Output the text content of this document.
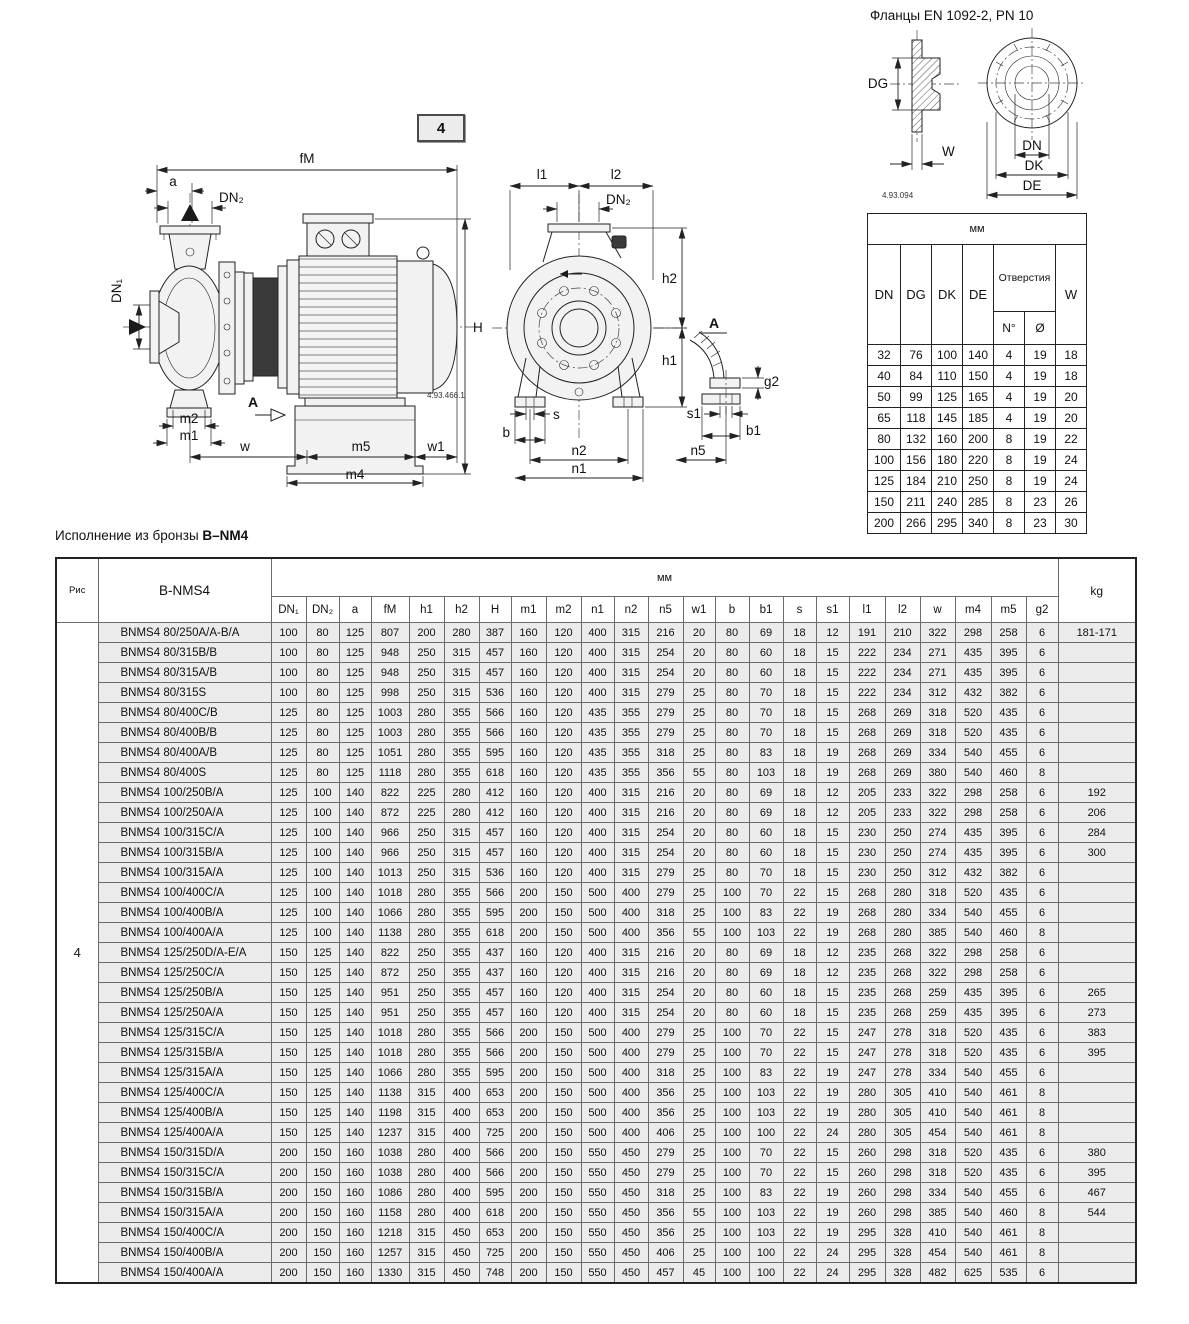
4
fM
a
DN₂
DN₁
H
m2
m1
A
w	m5	w1
m4
4.93.466.1
l1	l2
DN₂
h2
h1
s
b
n2
n1
A
g2
s1
b1
n5
Фланцы EN 1092-2, PN 10
DG
W	DN
DK
DE
4.93.094
мм						
DN	DG	DK	DE	Отверстия		W
				N°	Ø	
32	76	100	140	4	19	18
40	84	110	150	4	19	18
50	99	125	165	4	19	20
65	118	145	185	4	19	20
80	132	160	200	8	19	22
100	156	180	220	8	19	24
125	184	210	250	8	19	24
150	211	240	285	8	23	26
200	266	295	340	8	23	30
Исполнение из бронзы B–NM4
Рис	B-NMS4	мм																							kg
		DN₁	DN₂	a	fM	h1	h2	H	m1	m2	n1	n2	n5	w1	b	b1	s	s1	l1	l2	w	m4	m5	g2	
4	BNMS4 80/250A/A-B/A	100	80	125	807	200	280	387	160	120	400	315	216	20	80	69	18	12	191	210	322	298	258	6	181-171
	BNMS4 80/315B/B	100	80	125	948	250	315	457	160	120	400	315	254	20	80	60	18	15	222	234	271	435	395	6	
	BNMS4 80/315A/B	100	80	125	948	250	315	457	160	120	400	315	254	20	80	60	18	15	222	234	271	435	395	6	
	BNMS4 80/315S	100	80	125	998	250	315	536	160	120	400	315	279	25	80	70	18	15	222	234	312	432	382	6	
	BNMS4 80/400C/B	125	80	125	1003	280	355	566	160	120	435	355	279	25	80	70	18	15	268	269	318	520	435	6	
	BNMS4 80/400B/B	125	80	125	1003	280	355	566	160	120	435	355	279	25	80	70	18	15	268	269	318	520	435	6	
	BNMS4 80/400A/B	125	80	125	1051	280	355	595	160	120	435	355	318	25	80	83	18	19	268	269	334	540	455	6	
	BNMS4 80/400S	125	80	125	1118	280	355	618	160	120	435	355	356	55	80	103	18	19	268	269	380	540	460	8	
	BNMS4 100/250B/A	125	100	140	822	225	280	412	160	120	400	315	216	20	80	69	18	12	205	233	322	298	258	6	192
	BNMS4 100/250A/A	125	100	140	872	225	280	412	160	120	400	315	216	20	80	69	18	12	205	233	322	298	258	6	206
	BNMS4 100/315C/A	125	100	140	966	250	315	457	160	120	400	315	254	20	80	60	18	15	230	250	274	435	395	6	284
	BNMS4 100/315B/A	125	100	140	966	250	315	457	160	120	400	315	254	20	80	60	18	15	230	250	274	435	395	6	300
	BNMS4 100/315A/A	125	100	140	1013	250	315	536	160	120	400	315	279	25	80	70	18	15	230	250	312	432	382	6	
	BNMS4 100/400C/A	125	100	140	1018	280	355	566	200	150	500	400	279	25	100	70	22	15	268	280	318	520	435	6	
	BNMS4 100/400B/A	125	100	140	1066	280	355	595	200	150	500	400	318	25	100	83	22	19	268	280	334	540	455	6	
	BNMS4 100/400A/A	125	100	140	1138	280	355	618	200	150	500	400	356	55	100	103	22	19	268	280	385	540	460	8	
	BNMS4 125/250D/A-E/A	150	125	140	822	250	355	437	160	120	400	315	216	20	80	69	18	12	235	268	322	298	258	6	
	BNMS4 125/250C/A	150	125	140	872	250	355	437	160	120	400	315	216	20	80	69	18	12	235	268	322	298	258	6	
	BNMS4 125/250B/A	150	125	140	951	250	355	457	160	120	400	315	254	20	80	60	18	15	235	268	259	435	395	6	265
	BNMS4 125/250A/A	150	125	140	951	250	355	457	160	120	400	315	254	20	80	60	18	15	235	268	259	435	395	6	273
	BNMS4 125/315C/A	150	125	140	1018	280	355	566	200	150	500	400	279	25	100	70	22	15	247	278	318	520	435	6	383
	BNMS4 125/315B/A	150	125	140	1018	280	355	566	200	150	500	400	279	25	100	70	22	15	247	278	318	520	435	6	395
	BNMS4 125/315A/A	150	125	140	1066	280	355	595	200	150	500	400	318	25	100	83	22	19	247	278	334	540	455	6	
	BNMS4 125/400C/A	150	125	140	1138	315	400	653	200	150	500	400	356	25	100	103	22	19	280	305	410	540	461	8	
	BNMS4 125/400B/A	150	125	140	1198	315	400	653	200	150	500	400	356	25	100	103	22	19	280	305	410	540	461	8	
	BNMS4 125/400A/A	150	125	140	1237	315	400	725	200	150	500	400	406	25	100	100	22	24	280	305	454	540	461	8	
	BNMS4 150/315D/A	200	150	160	1038	280	400	566	200	150	550	450	279	25	100	70	22	15	260	298	318	520	435	6	380
	BNMS4 150/315C/A	200	150	160	1038	280	400	566	200	150	550	450	279	25	100	70	22	15	260	298	318	520	435	6	395
	BNMS4 150/315B/A	200	150	160	1086	280	400	595	200	150	550	450	318	25	100	83	22	19	260	298	334	540	455	6	467
	BNMS4 150/315A/A	200	150	160	1158	280	400	618	200	150	550	450	356	55	100	103	22	19	260	298	385	540	460	8	544
	BNMS4 150/400C/A	200	150	160	1218	315	450	653	200	150	550	450	356	25	100	103	22	19	295	328	410	540	461	8	
	BNMS4 150/400B/A	200	150	160	1257	315	450	725	200	150	550	450	406	25	100	100	22	24	295	328	454	540	461	8	
	BNMS4 150/400A/A	200	150	160	1330	315	450	748	200	150	550	450	457	45	100	100	22	24	295	328	482	625	535	6	
